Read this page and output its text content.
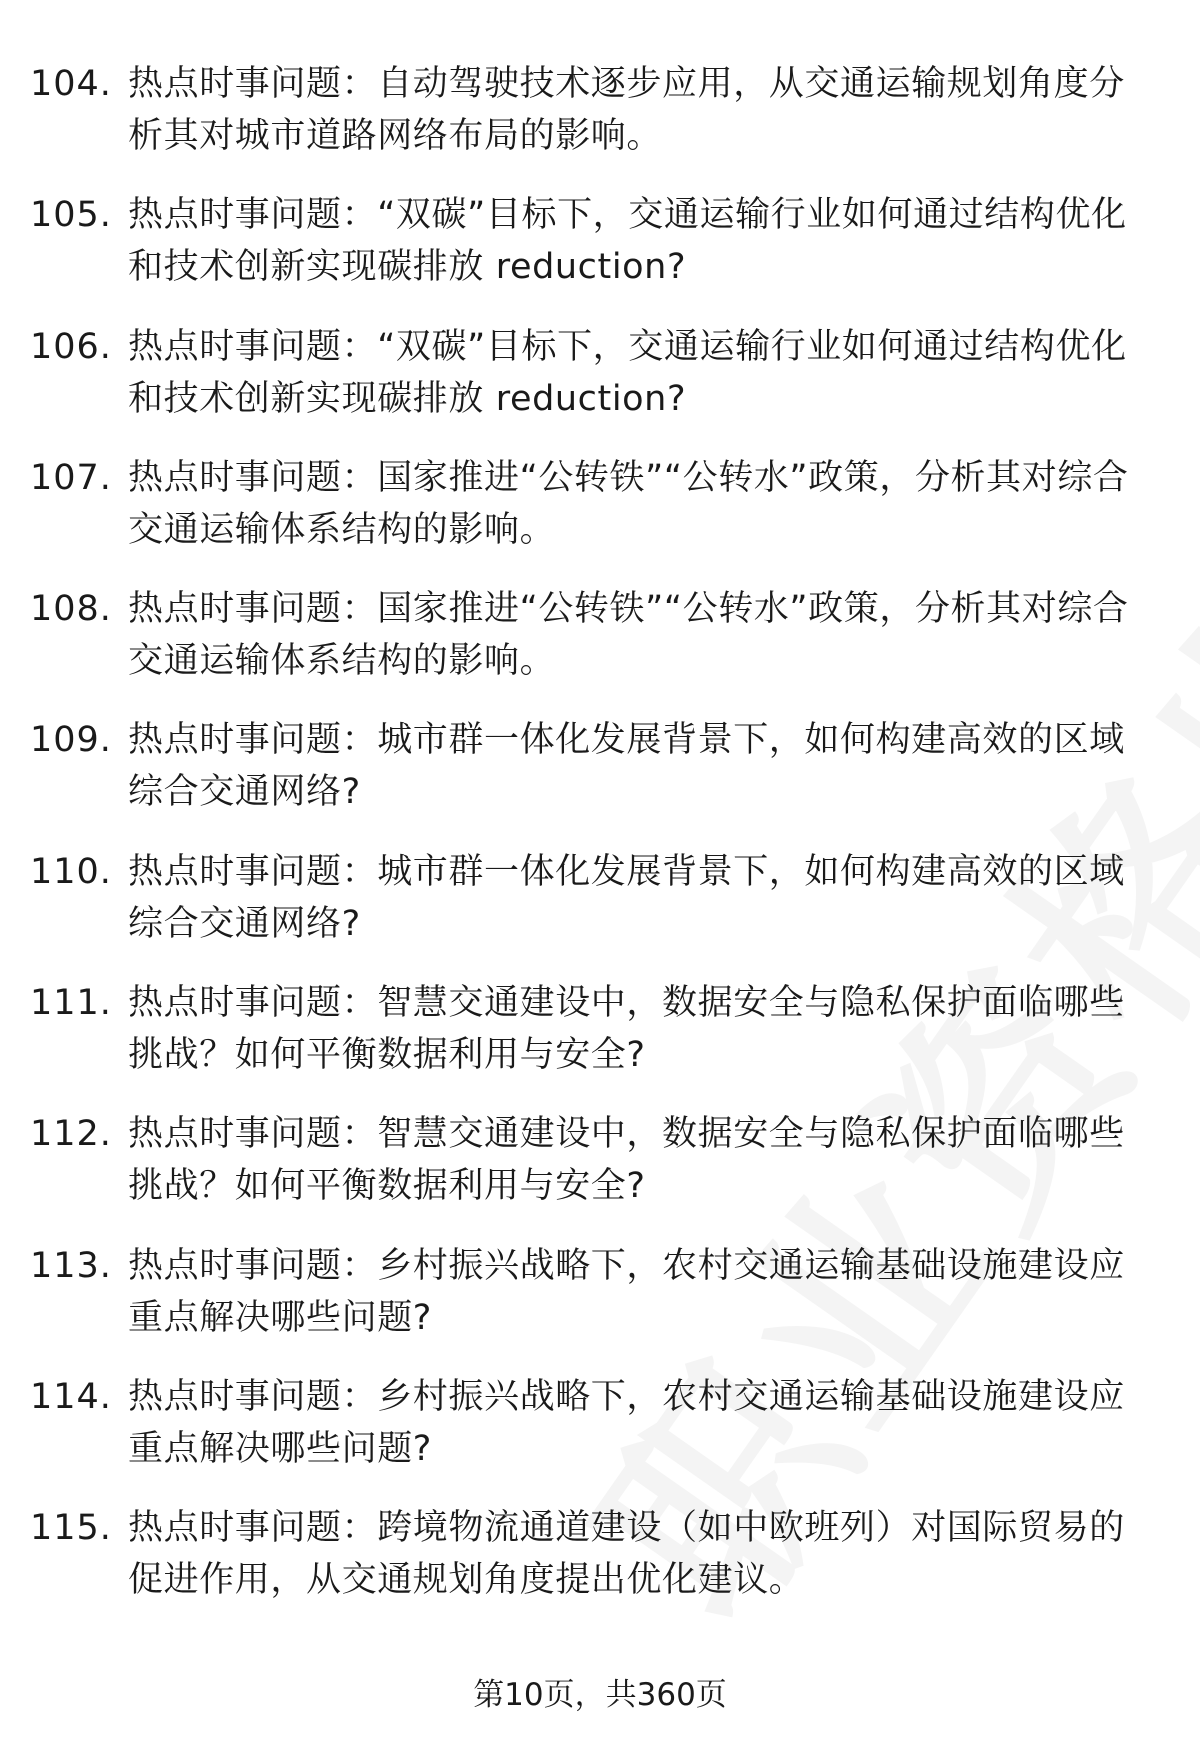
104. 热点时事问题：自动驾驶技术逐步应用，从交通运输规划角度分析其对城市道路网络布局的影响。
105. 热点时事问题：“双碳”目标下，交通运输行业如何通过结构优化和技术创新实现碳排放 reduction?
106. 热点时事问题：“双碳”目标下，交通运输行业如何通过结构优化和技术创新实现碳排放 reduction?
107. 热点时事问题：国家推进“公转铁”“公转水”政策，分析其对综合交通运输体系结构的影响。
108. 热点时事问题：国家推进“公转铁”“公转水”政策，分析其对综合交通运输体系结构的影响。
109. 热点时事问题：城市群一体化发展背景下，如何构建高效的区域综合交通网络?
110. 热点时事问题：城市群一体化发展背景下，如何构建高效的区域综合交通网络?
111. 热点时事问题：智慧交通建设中，数据安全与隐私保护面临哪些挑战？如何平衡数据利用与安全?
112. 热点时事问题：智慧交通建设中，数据安全与隐私保护面临哪些挑战？如何平衡数据利用与安全?
113. 热点时事问题：乡村振兴战略下，农村交通运输基础设施建设应重点解决哪些问题?
114. 热点时事问题：乡村振兴战略下，农村交通运输基础设施建设应重点解决哪些问题?
115. 热点时事问题：跨境物流通道建设（如中欧班列）对国际贸易的促进作用，从交通规划角度提出优化建议。
第10页，共360页
